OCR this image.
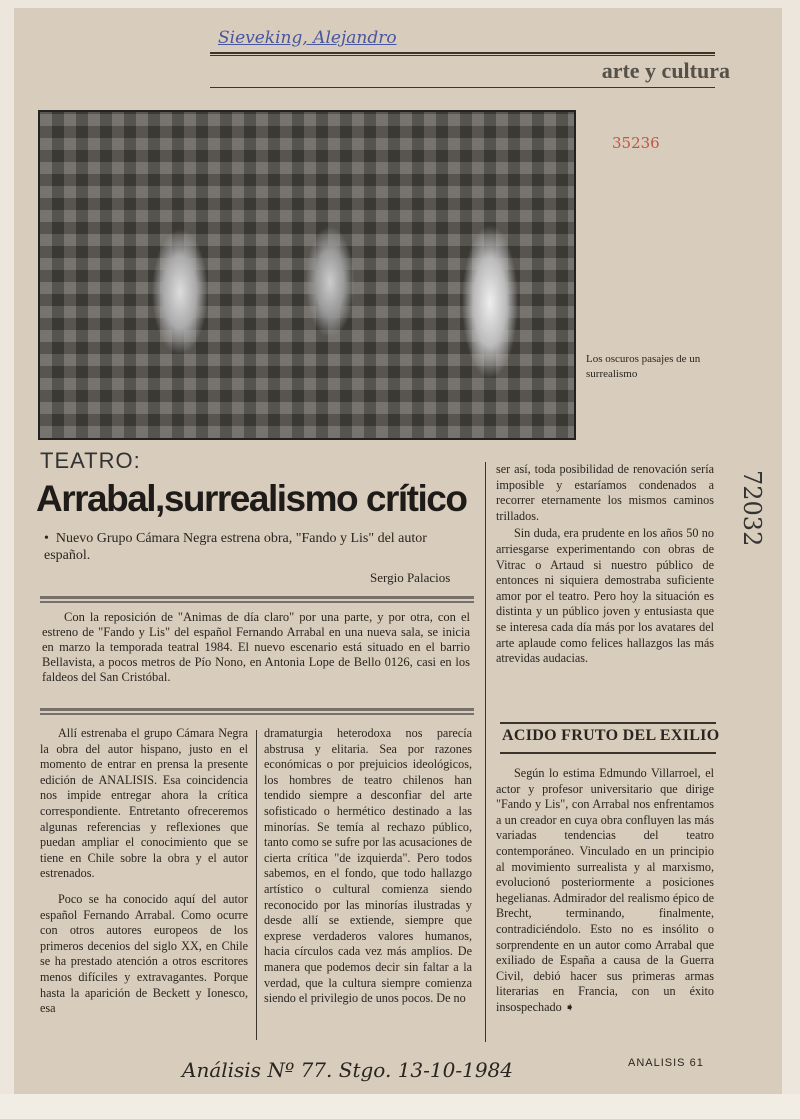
Sieveking, Alejandro
arte y cultura
35236
Los oscuros pasajes de un surrealismo
TEATRO:
Arrabal,surrealismo crítico
•  Nuevo Grupo Cámara Negra estrena obra, "Fando y Lis" del autor español.
Sergio Palacios

Con la reposición de "Animas de día claro" por una parte, y por otra, con el estreno de "Fando y Lis" del español Fernando Arrabal en una nueva sala, se inicia en marzo la temporada teatral 1984. El nuevo escenario está situado en el barrio Bellavista, a pocos metros de Pío Nono, en Antonia Lope de Bello 0126, casi en los faldeos del San Cristóbal.

Allí estrenaba el grupo Cámara Negra la obra del autor hispano, justo en el momento de entrar en prensa la presente edición de ANALISIS. Esa coincidencia nos impide entregar ahora la crítica correspondiente. Entretanto ofreceremos algunas referencias y reflexiones que puedan ampliar el conocimiento que se tiene en Chile sobre la obra y el autor estrenados.

Poco se ha conocido aquí del autor español Fernando Arrabal. Como ocurre con otros autores europeos de los primeros decenios del siglo XX, en Chile se ha prestado atención a otros escritores menos difíciles y extravagantes. Porque hasta la aparición de Beckett y Ionesco, esa

dramaturgia heterodoxa nos parecía abstrusa y elitaria. Sea por razones económicas o por prejuicios ideológicos, los hombres de teatro chilenos han tendido siempre a desconfiar del arte sofisticado o hermético destinado a las minorías. Se temía al rechazo público, tanto como se sufre por las acusaciones de cierta crítica "de izquierda". Pero todos sabemos, en el fondo, que todo hallazgo artístico o cultural comienza siendo reconocido por las minorías ilustradas y desde allí se extiende, siempre que exprese verdaderos valores humanos, hacia círculos cada vez más amplios. De manera que podemos decir sin faltar a la verdad, que la cultura siempre comienza siendo el privilegio de unos pocos. De no

ser así, toda posibilidad de renovación sería imposible y estaríamos condenados a recorrer eternamente los mismos caminos trillados.

Sin duda, era prudente en los años 50 no arriesgarse experimentando con obras de Vitrac o Artaud si nuestro público de entonces ni siquiera demostraba suficiente amor por el teatro. Pero hoy la situación es distinta y un público joven y entusiasta que se interesa cada día más por los avatares del arte aplaude como felices hallazgos las más atrevidas audacias.

ACIDO FRUTO DEL EXILIO

Según lo estima Edmundo Villarroel, el actor y profesor universitario que dirige "Fando y Lis", con Arrabal nos enfrentamos a un creador en cuya obra confluyen las más variadas tendencias del teatro contemporáneo. Vinculado en un principio al movimiento surrealista y al marxismo, evolucionó posteriormente a posiciones hegelianas. Admirador del realismo épico de Brecht, terminando, finalmente, contradiciéndolo. Esto no es insólito o sorprendente en un autor como Arrabal que exiliado de España a causa de la Guerra Civil, debió hacer sus primeras armas literarias en Francia, con un éxito insospechado ➧

ANALISIS 61
72032
Análisis Nº 77. Stgo. 13-10-1984
